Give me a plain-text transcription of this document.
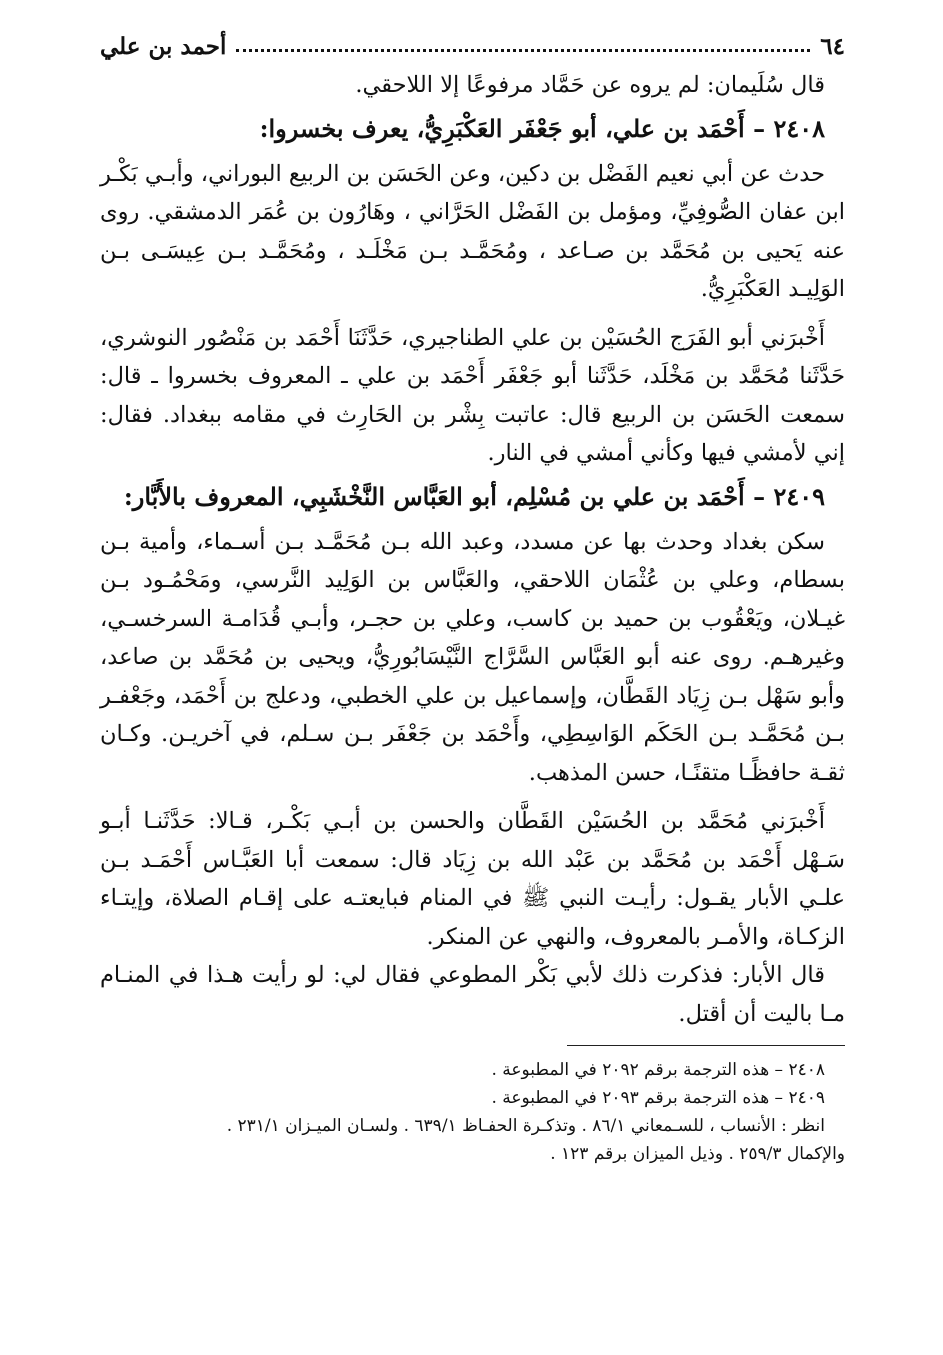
٦٤
أحمد بن علي

قال سُلَيمان: لم يروه عن حَمَّاد مرفوعًا إلا اللاحقي.

٢٤٠٨ – أَحْمَد بن علي، أبو جَعْفَر العَكْبَرِيُّ، يعرف بخسروا:

حدث عن أبي نعيم الفَضْل بن دكين، وعن الحَسَن بن الربيع البوراني، وأبـي بَكْـر ابن عفان الصُّوفِيِّ، ومؤمل بن الفَضْل الحَرَّاني ، وهَارُون بن عُمَر الدمشقي. روى عنه يَحيى بن مُحَمَّد بن صـاعد ، ومُحَمَّـد بـن مَخْلَـد ، ومُحَمَّـد بـن عِيسَـى بـن الوَلِيـد العَكْبَرِيُّ.

أَخْبرَني أبو الفَرَج الحُسَيْن بن علي الطناجيري، حَدَّثَنَا أَحْمَد بن مَنْصُور النوشري، حَدَّثَنا مُحَمَّد بن مَخْلَد، حَدَّثَنا أبو جَعْفَر أَحْمَد بن علي ـ المعروف بخسروا ـ قال: سمعت الحَسَن بن الربيع قال: عاتبت بِشْر بن الحَارِث في مقامه ببغداد. فقال: إني لأمشي فيها وكأني أمشي في النار.

٢٤٠٩ – أَحْمَد بن علي بن مُسْلِم، أبو العَبَّاس النَّخْشَبِي، المعروف بالأَبَّار:

سكن بغداد وحدث بها عن مسدد، وعبد الله بـن مُحَمَّـد بـن أسـماء، وأمية بـن بسطام، وعلي بن عُثْمَان اللاحقي، والعَبَّاس بن الوَلِيد النَّرسي، ومَحْمُـود بـن غيـلان، ويَعْقُوب بن حميد بن كاسب، وعلي بن حجـر، وأبـي قُدَامـة السرخسـي، وغيرهـم. روى عنه أبو العَبَّاس السَّرَّاج النَّيْسَابُورِيُّ، ويحيى بن مُحَمَّد بن صاعد، وأبو سَهْل بـن زِيَاد القَطَّان، وإسماعيل بن علي الخطبي، ودعلج بن أَحْمَد، وجَعْفـر بـن مُحَمَّـد بـن الحَكَم الوَاسِطِي، وأَحْمَد بن جَعْفَر بـن سـلم، في آخريـن. وكـان ثقـة حافظًـا متقنًـا، حسن المذهب.

أَخْبرَني مُحَمَّد بن الحُسَيْن القَطَّان والحسن بن أبـي بَكْـر، قـالا: حَدَّثَنـا أبـو سَـهْل أَحْمَد بن مُحَمَّد بن عَبْد الله بن زِيَاد قال: سمعت أبا العَبَّـاس أَحْمَـد بـن علـي الأبار يقـول: رأيـت النبي ﷺ في المنام فبايعتـه على إقـام الصلاة، وإيتـاء الزكـاة، والأمـر بالمعروف، والنهي عن المنكر.

قال الأبار: فذكرت ذلك لأبي بَكْر المطوعي فقال لي: لو رأيت هـذا في المنـام مـا باليت أن أقتل.

٢٤٠٨ – هذه الترجمة برقم ٢٠٩٢ في المطبوعة .

٢٤٠٩ – هذه الترجمة برقم ٢٠٩٣ في المطبوعة .

انظر : الأنساب ، للسـمعاني ٨٦/١ . وتذكـرة الحفـاظ ٦٣٩/١ . ولسـان الميـزان ٢٣١/١ .

والإكمال ٢٥٩/٣ . وذيل الميزان برقم ١٢٣ .
